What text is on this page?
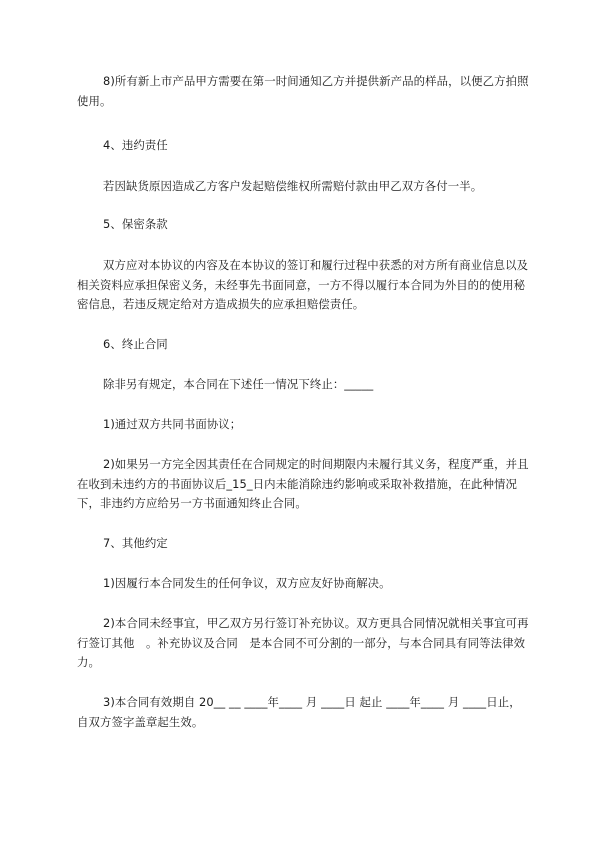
8)所有新上市产品甲方需要在第一时间通知乙方并提供新产品的样品，以便乙方拍照使用。

4、违约责任

若因缺货原因造成乙方客户发起赔偿维权所需赔付款由甲乙双方各付一半。

5、保密条款

双方应对本协议的内容及在本协议的签订和履行过程中获悉的对方所有商业信息以及相关资料应承担保密义务，未经事先书面同意，一方不得以履行本合同为外目的的使用秘密信息，若违反规定给对方造成损失的应承担赔偿责任。

6、终止合同

除非另有规定，本合同在下述任一情况下终止：_____

1)通过双方共同书面协议；

2)如果另一方完全因其责任在合同规定的时间期限内未履行其义务，程度严重，并且在收到未违约方的书面协议后_15_日内未能消除违约影响或采取补救措施，在此种情况下，非违约方应给另一方书面通知终止合同。

7、其他约定

1)因履行本合同发生的任何争议，双方应友好协商解决。

2)本合同未经事宜，甲乙双方另行签订补充协议。双方更具合同情况就相关事宜可再行签订其他　。补充协议及合同　是本合同不可分割的一部分，与本合同具有同等法律效力。

3)本合同有效期自 20__ __ ____年____ 月 ____日 起止 ____年____ 月 ____日止，自双方签字盖章起生效。
